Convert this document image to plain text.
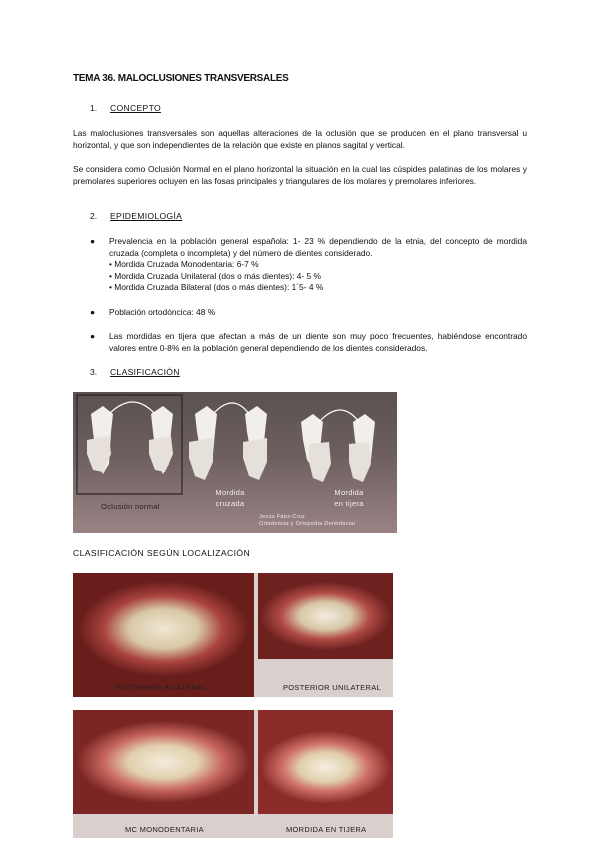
TEMA 36. MALOCLUSIONES TRANSVERSALES
1. CONCEPTO
Las maloclusiones transversales son aquellas alteraciones de la oclusión que se producen en el plano transversal u horizontal, y que son independientes de la relación que existe en planos sagital y vertical.
Se considera como Oclusión Normal en el plano horizontal la situación en la cual las cúspides palatinas de los molares y premolares superiores ocluyen en las fosas principales y triangulares de los molares y premolares inferiores.
2. EPIDEMIOLOGÍA
● Prevalencia en la población general española: 1- 23 % dependiendo de la etnia, del concepto de mordida cruzada (completa o incompleta) y del número de dientes considerado.
• Mordida Cruzada Monodentaria: 6-7 %
• Mordida Cruzada Unilateral (dos o más dientes): 4- 5 %
• Mordida Cruzada Bilateral (dos o más dientes): 1´5- 4 %
● Población ortodóncica: 48 %
● Las mordidas en tijera que afectan a más de un diente son muy poco frecuentes, habiéndose encontrado valores entre 0-8% en la población general dependiendo de los dientes considerados.
3. CLASIFICACIÓN
Oclusión normal
Mordida
cruzada
Mordida
en tijera
Jesús Fdez-Cruz
Ortodoncia y Ortopedia Dentofacial
CLASIFICACIÓN SEGÚN LOCALIZACIÓN
POSTERIOR BILATERAL	POSTERIOR UNILATERAL
MC MONODENTARIA	MORDIDA EN TIJERA
